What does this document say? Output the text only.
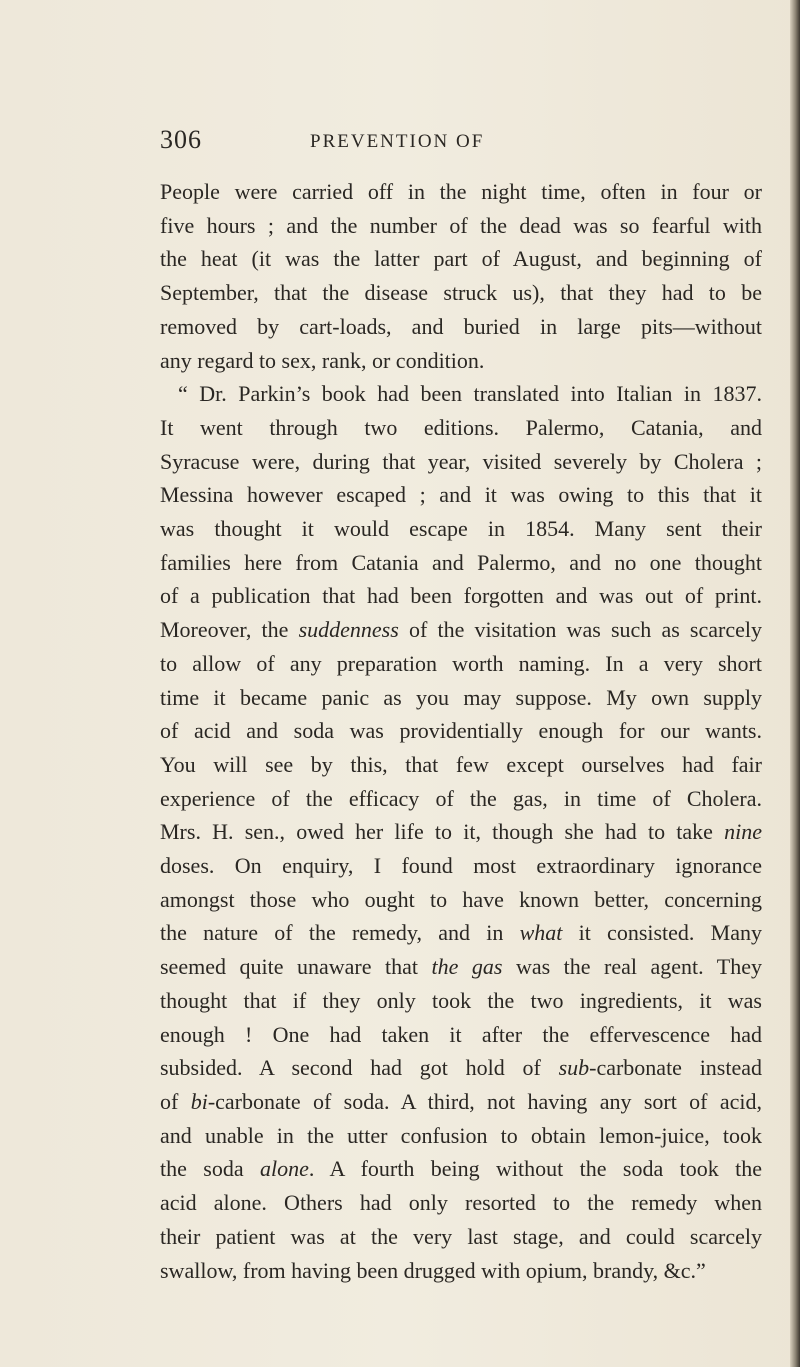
306	PREVENTION OF
People were carried off in the night time, often in four or
five hours ; and the number of the dead was so fearful with
the heat (it was the latter part of August, and beginning of
September, that the disease struck us), that they had to be
removed by cart-loads, and buried in large pits—without
any regard to sex, rank, or condition.
“ Dr. Parkin’s book had been translated into Italian in 1837.
It went through two editions. Palermo, Catania, and
Syracuse were, during that year, visited severely by Cholera ;
Messina however escaped ; and it was owing to this that it
was thought it would escape in 1854. Many sent their
families here from Catania and Palermo, and no one thought
of a publication that had been forgotten and was out of print.
Moreover, the suddenness of the visitation was such as scarcely
to allow of any preparation worth naming. In a very short
time it became panic as you may suppose. My own supply
of acid and soda was providentially enough for our wants.
You will see by this, that few except ourselves had fair
experience of the efficacy of the gas, in time of Cholera.
Mrs. H. sen., owed her life to it, though she had to take nine
doses. On enquiry, I found most extraordinary ignorance
amongst those who ought to have known better, concerning
the nature of the remedy, and in what it consisted. Many
seemed quite unaware that the gas was the real agent. They
thought that if they only took the two ingredients, it was
enough ! One had taken it after the effervescence had
subsided. A second had got hold of sub-carbonate instead
of bi-carbonate of soda. A third, not having any sort of acid,
and unable in the utter confusion to obtain lemon-juice, took
the soda alone. A fourth being without the soda took the
acid alone. Others had only resorted to the remedy when
their patient was at the very last stage, and could scarcely
swallow, from having been drugged with opium, brandy, &c.”
